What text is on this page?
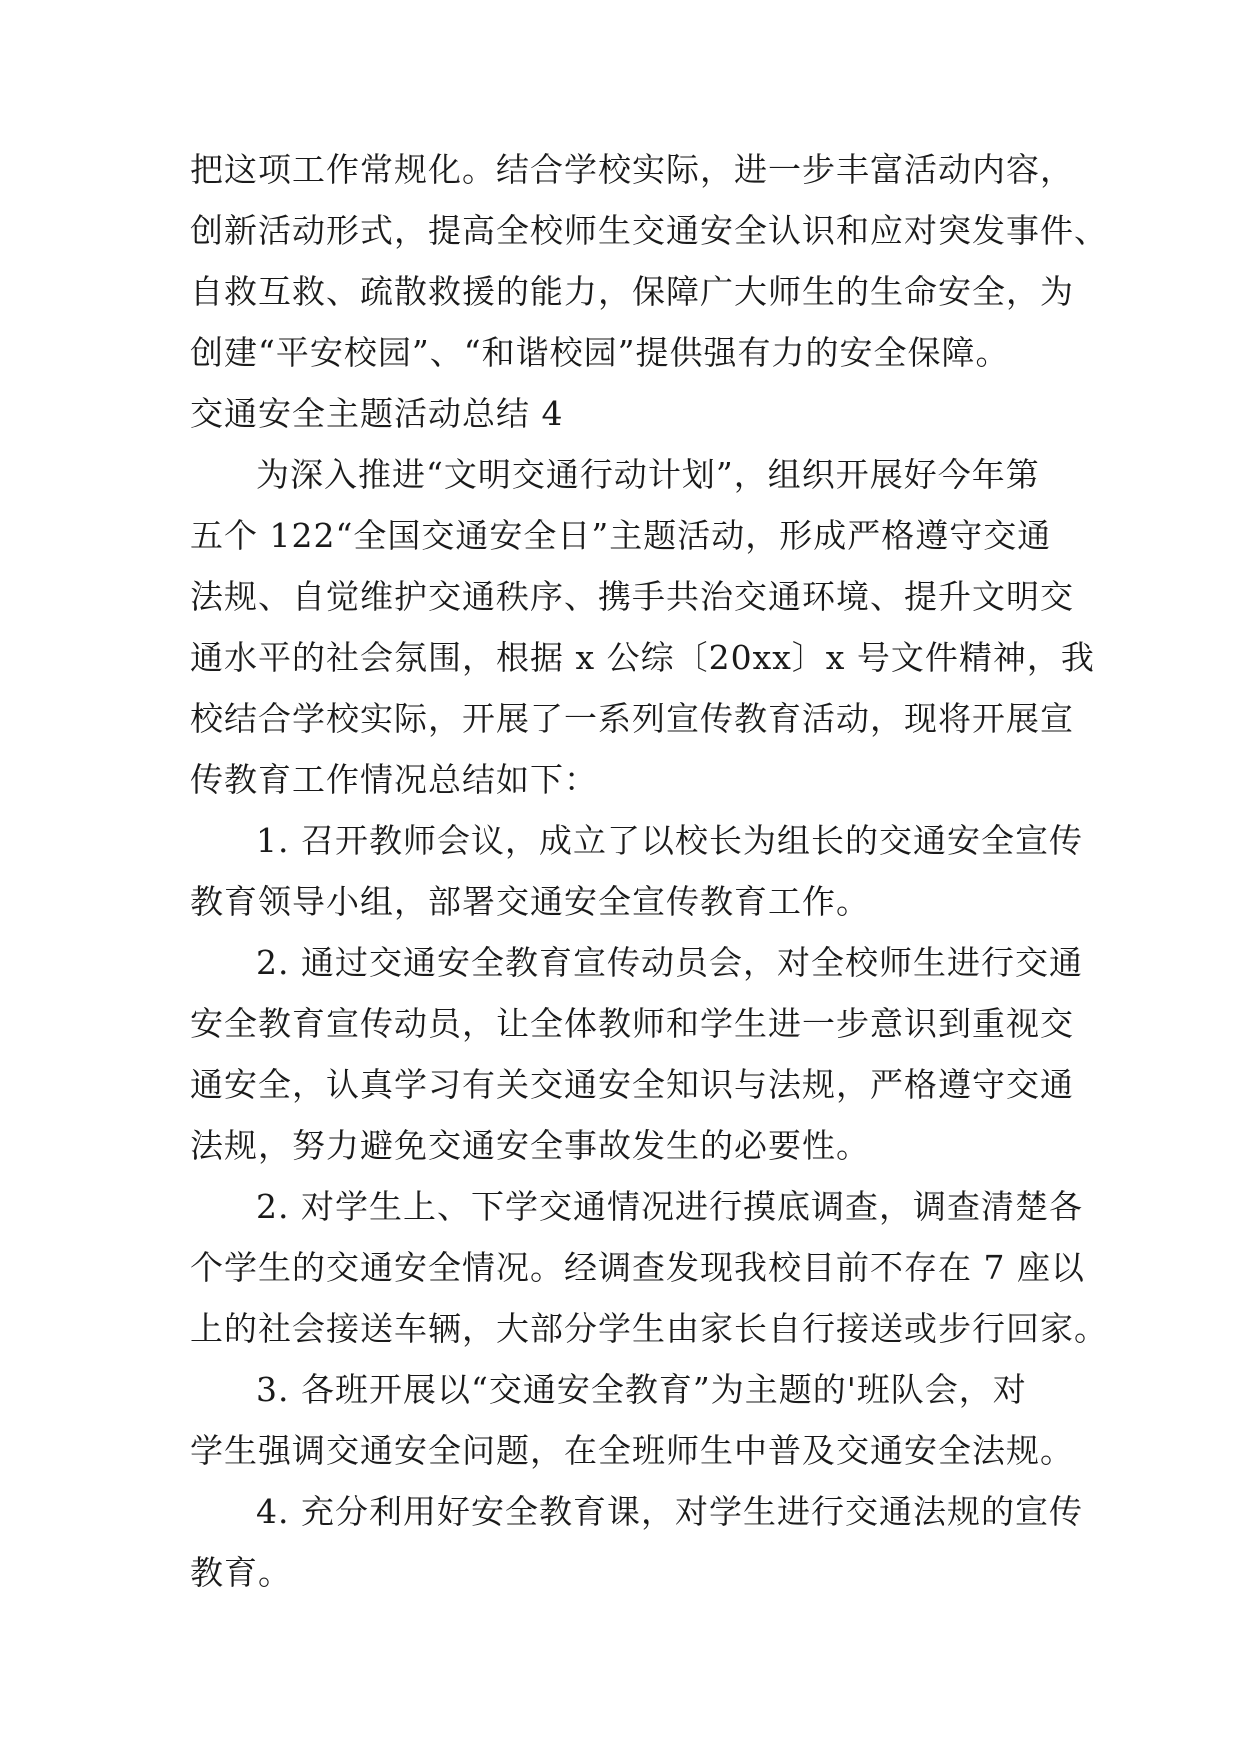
把这项工作常规化。结合学校实际，进一步丰富活动内容，
创新活动形式，提高全校师生交通安全认识和应对突发事件、
自救互救、疏散救援的能力，保障广大师生的生命安全，为
创建“平安校园”、“和谐校园”提供强有力的安全保障。
交通安全主题活动总结 4
为深入推进“文明交通行动计划”，组织开展好今年第
五个 122“全国交通安全日”主题活动，形成严格遵守交通
法规、自觉维护交通秩序、携手共治交通环境、提升文明交
通水平的社会氛围，根据 x 公综〔20xx〕x 号文件精神，我
校结合学校实际，开展了一系列宣传教育活动，现将开展宣
传教育工作情况总结如下：
1. 召开教师会议，成立了以校长为组长的交通安全宣传
教育领导小组，部署交通安全宣传教育工作。
2. 通过交通安全教育宣传动员会，对全校师生进行交通
安全教育宣传动员，让全体教师和学生进一步意识到重视交
通安全，认真学习有关交通安全知识与法规，严格遵守交通
法规，努力避免交通安全事故发生的必要性。
2. 对学生上、下学交通情况进行摸底调查，调查清楚各
个学生的交通安全情况。经调查发现我校目前不存在 7 座以
上的社会接送车辆，大部分学生由家长自行接送或步行回家。
3. 各班开展以“交通安全教育”为主题的'班队会，对
学生强调交通安全问题，在全班师生中普及交通安全法规。
4. 充分利用好安全教育课，对学生进行交通法规的宣传
教育。
